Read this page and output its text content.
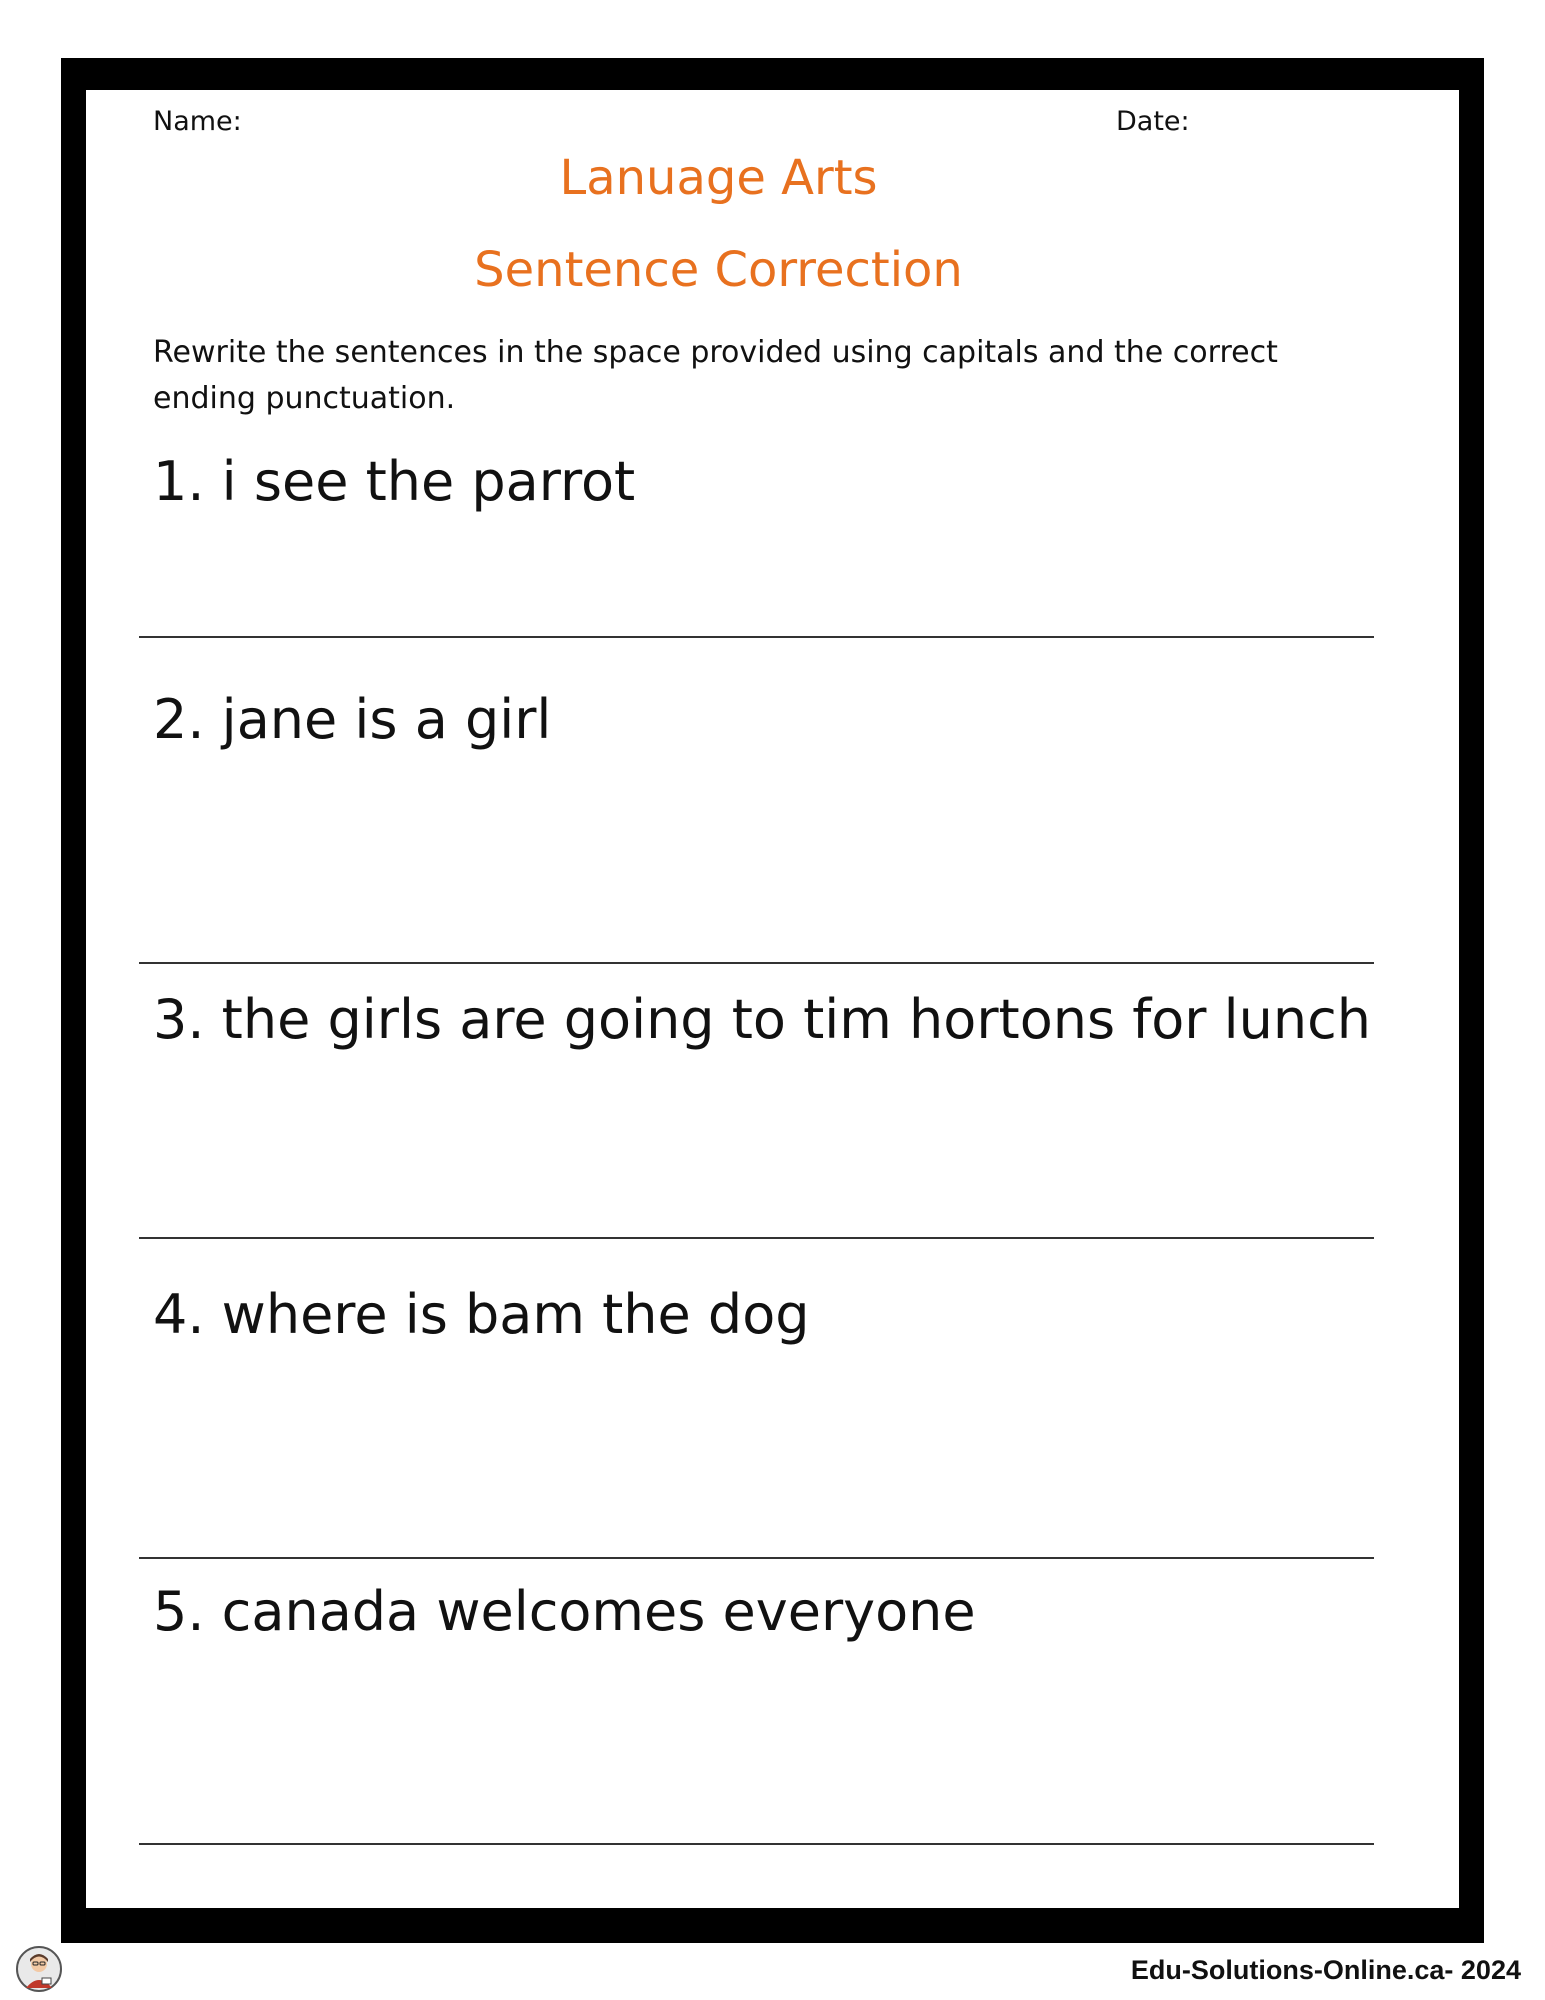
Name:	Date:
Lanuage Arts
Sentence Correction
Rewrite the sentences in the space provided using capitals and the correct ending punctuation.
1. i see the parrot
2. jane is a girl
3. the girls are going to tim hortons for lunch
4. where is bam the dog
5. canada welcomes everyone
Edu-Solutions-Online.ca- 2024
